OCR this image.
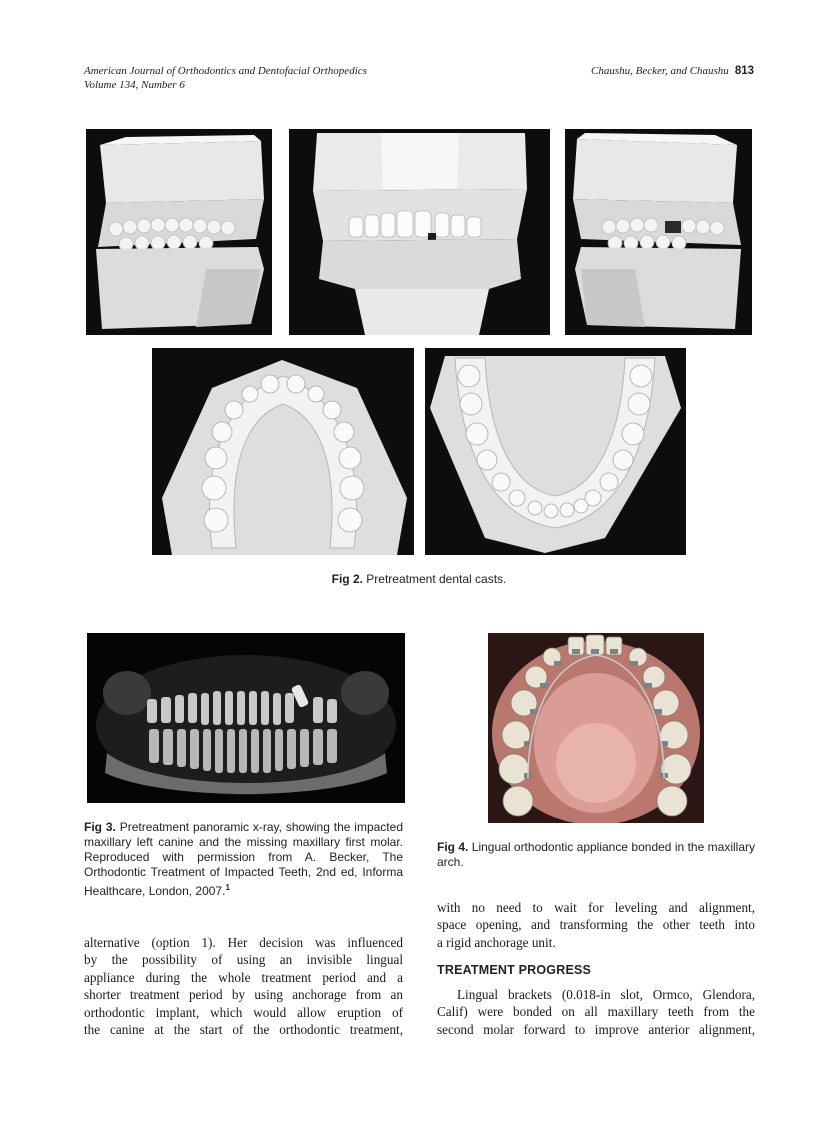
American Journal of Orthodontics and Dentofacial Orthopedics
Volume 134, Number 6
Chaushu, Becker, and Chaushu 813
Fig 2. Pretreatment dental casts.
Fig 3. Pretreatment panoramic x-ray, showing the impacted maxillary left canine and the missing maxillary first molar. Reproduced with permission from A. Becker, The Orthodontic Treatment of Impacted Teeth, 2nd ed, Informa Healthcare, London, 2007.$^1$
Fig 4. Lingual orthodontic appliance bonded in the maxillary arch.
alternative (option 1). Her decision was influenced
by the possibility of using an invisible lingual
appliance during the whole treatment period and a
shorter treatment period by using anchorage from an
orthodontic implant, which would allow eruption of
the canine at the start of the orthodontic treatment,
with no need to wait for leveling and alignment,
space opening, and transforming the other teeth into
a rigid anchorage unit.
TREATMENT PROGRESS
Lingual brackets (0.018-in slot, Ormco, Glendora,
Calif) were bonded on all maxillary teeth from the
second molar forward to improve anterior alignment,
